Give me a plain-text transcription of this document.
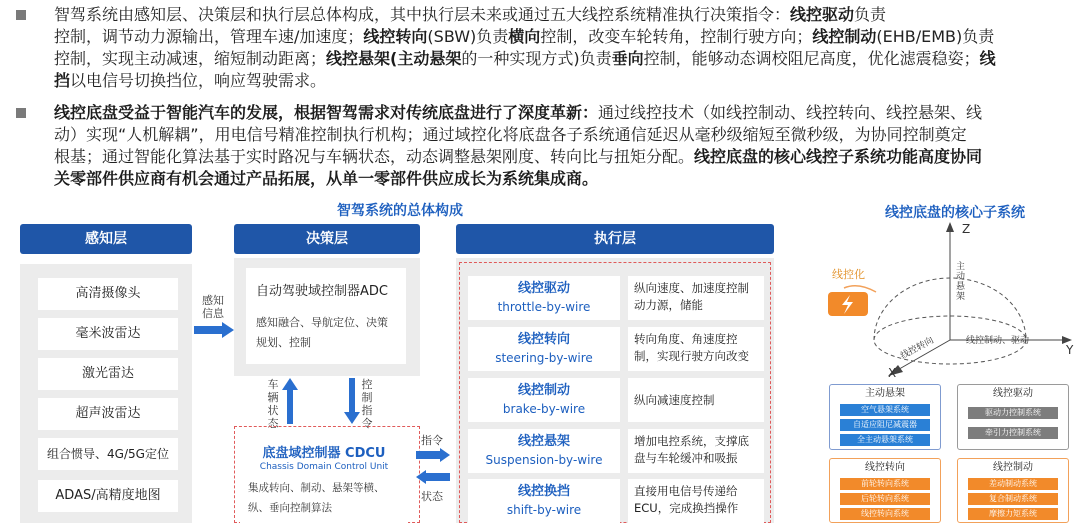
智驾系统由感知层、决策层和执行层总体构成，其中执行层未来或通过五大线控系统精准执行决策指令：线控驱动负责
控制，调节动力源输出，管理车速/加速度；线控转向(SBW)负责横向控制，改变车轮转角，控制行驶方向；线控制动(EHB/EMB)负责
控制，实现主动减速，缩短制动距离；线控悬架(主动悬架的一种实现方式)负责垂向控制，能够动态调校阻尼高度，优化滤震稳姿；线
挡以电信号切换挡位，响应驾驶需求。
线控底盘受益于智能汽车的发展，根据智驾需求对传统底盘进行了深度革新：通过线控技术（如线控制动、线控转向、线控悬架、线
动）实现“人机解耦”，用电信号精准控制执行机构；通过域控化将底盘各子系统通信延迟从毫秒级缩短至微秒级，为协同控制奠定
根基；通过智能化算法基于实时路况与车辆状态，动态调整悬架刚度、转向比与扭矩分配。线控底盘的核心线控子系统功能高度协同
关零部件供应商有机会通过产品拓展，从单一零部件供应成长为系统集成商。
智驾系统的总体构成
感知层
高清摄像头
毫米波雷达
激光雷达
超声波雷达
组合惯导、4G/5G定位
ADAS/高精度地图
感知信息
决策层
自动驾驶域控制器ADC
感知融合、导航定位、决策规划、控制
车辆状态
控制指令
底盘域控制器 CDCU
Chassis Domain Control Unit
集成转向、制动、悬架等横、纵、垂向控制算法
指令
状态
执行层
线控驱动
throttle-by-wire
纵向速度、加速度控制动力源，储能
线控转向
steering-by-wire
转向角度、角速度控制，实现行驶方向改变
线控制动
brake-by-wire
纵向减速度控制
线控悬架
Suspension-by-wire
增加电控系统，支撑底盘与车轮缓冲和吸振
线控换挡
shift-by-wire
直接用电信号传递给ECU，完成换挡操作
线控底盘的核心子系统
Z
X
Y
线控化
主动悬架
线控转向	线控制动、驱动
主动悬架
空气悬架系统
自适应阻尼减震器
全主动悬架系统
线控驱动
驱动力控制系统
牵引力控制系统
线控转向
前轮转向系统
后轮转向系统
线控转向系统
线控制动
差动制动系统
复合制动系统
摩擦力矩系统
